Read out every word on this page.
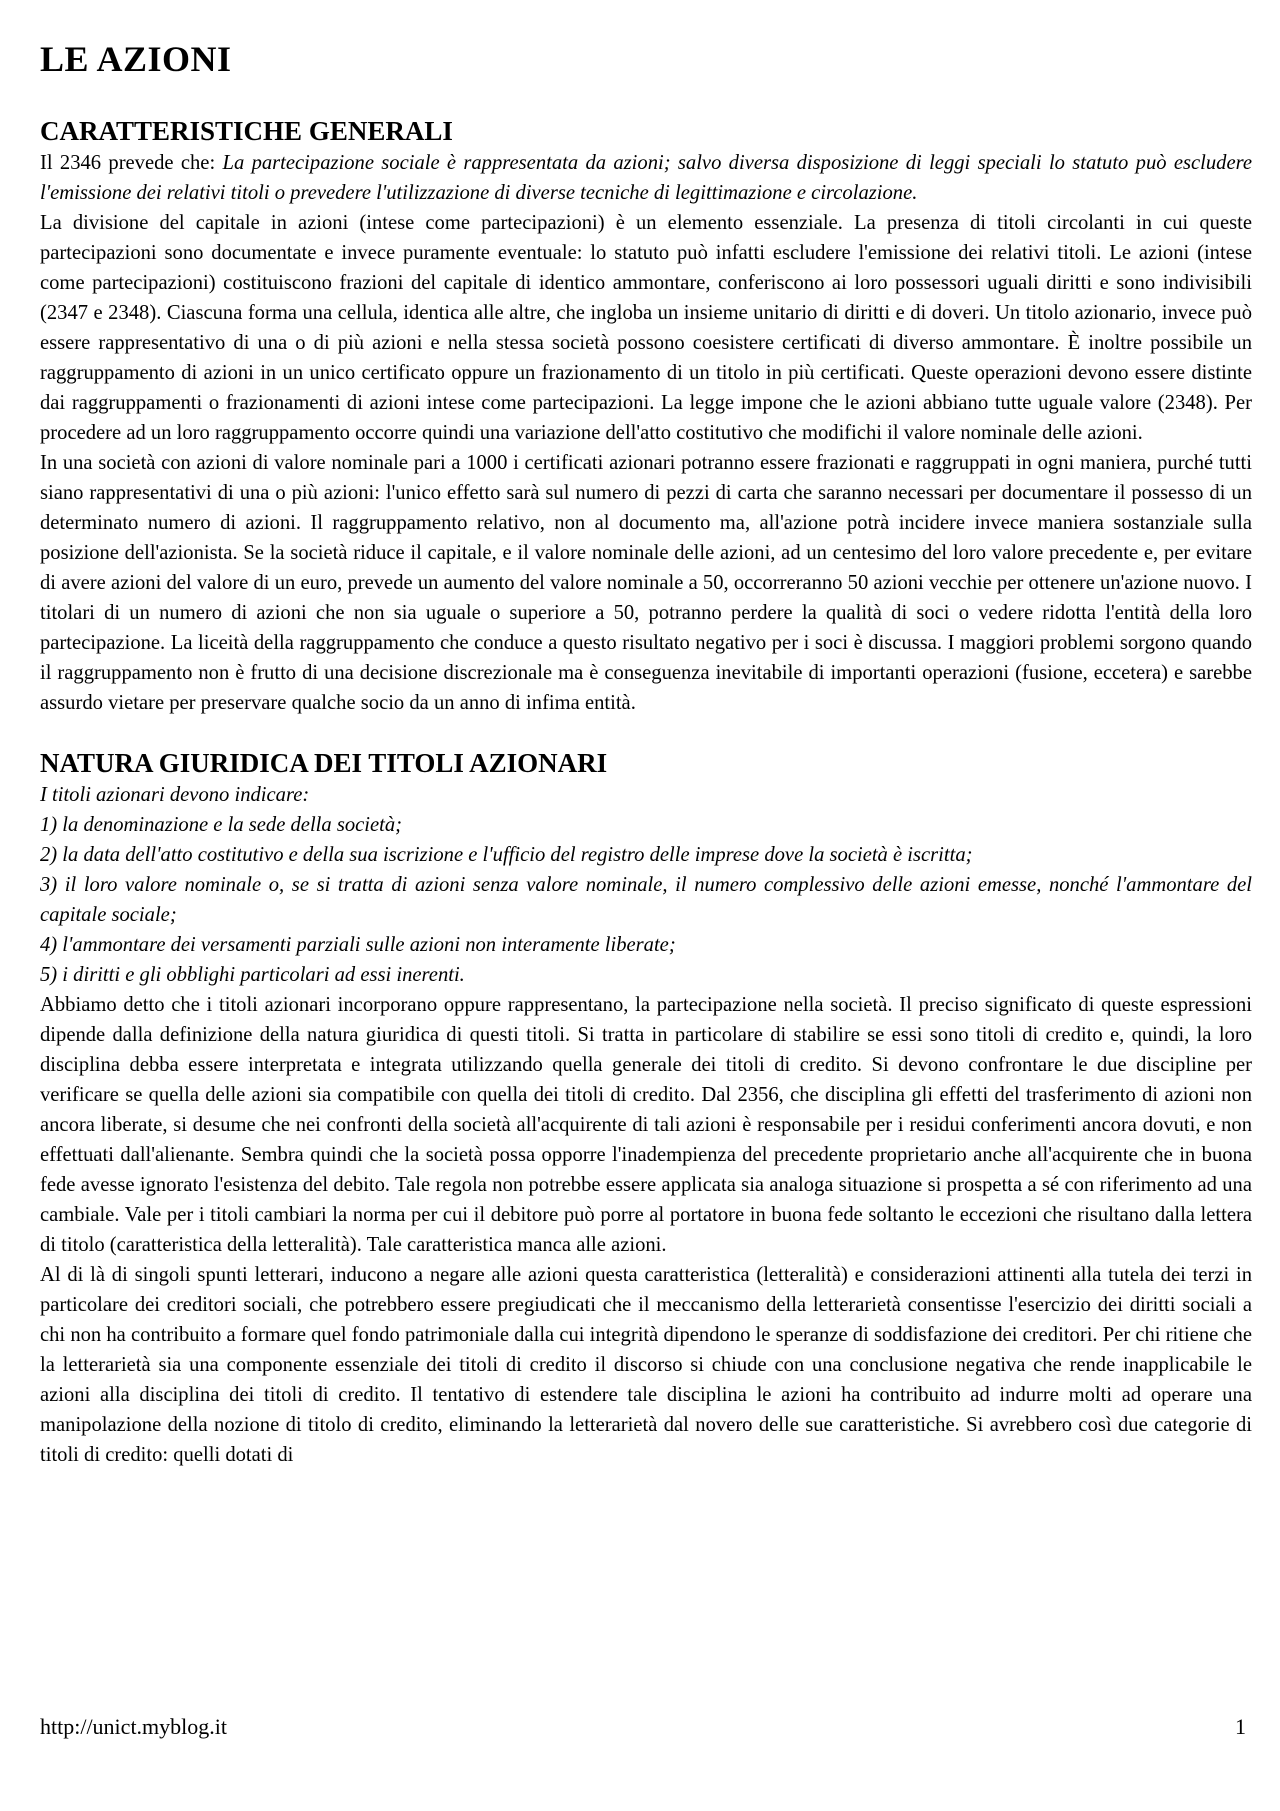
LE AZIONI
CARATTERISTICHE GENERALI

Il 2346 prevede che: La partecipazione sociale è rappresentata da azioni; salvo diversa disposizione di leggi speciali lo statuto può escludere l'emissione dei relativi titoli o prevedere l'utilizzazione di diverse tecniche di legittimazione e circolazione.

La divisione del capitale in azioni (intese come partecipazioni) è un elemento essenziale. La presenza di titoli circolanti in cui queste partecipazioni sono documentate e invece puramente eventuale: lo statuto può infatti escludere l'emissione dei relativi titoli. Le azioni (intese come partecipazioni) costituiscono frazioni del capitale di identico ammontare, conferiscono ai loro possessori uguali diritti e sono indivisibili (2347 e 2348). Ciascuna forma una cellula, identica alle altre, che ingloba un insieme unitario di diritti e di doveri. Un titolo azionario, invece può essere rappresentativo di una o di più azioni e nella stessa società possono coesistere certificati di diverso ammontare. È inoltre possibile un raggruppamento di azioni in un unico certificato oppure un frazionamento di un titolo in più certificati. Queste operazioni devono essere distinte dai raggruppamenti o frazionamenti di azioni intese come partecipazioni. La legge impone che le azioni abbiano tutte uguale valore (2348). Per procedere ad un loro raggruppamento occorre quindi una variazione dell'atto costitutivo che modifichi il valore nominale delle azioni.

In una società con azioni di valore nominale pari a 1000 i certificati azionari potranno essere frazionati e raggruppati in ogni maniera, purché tutti siano rappresentativi di una o più azioni: l'unico effetto sarà sul numero di pezzi di carta che saranno necessari per documentare il possesso di un determinato numero di azioni. Il raggruppamento relativo, non al documento ma, all'azione potrà incidere invece maniera sostanziale sulla posizione dell'azionista. Se la società riduce il capitale, e il valore nominale delle azioni, ad un centesimo del loro valore precedente e, per evitare di avere azioni del valore di un euro, prevede un aumento del valore nominale a 50, occorreranno 50 azioni vecchie per ottenere un'azione nuovo. I titolari di un numero di azioni che non sia uguale o superiore a 50, potranno perdere la qualità di soci o vedere ridotta l'entità della loro partecipazione. La liceità della raggruppamento che conduce a questo risultato negativo per i soci è discussa. I maggiori problemi sorgono quando il raggruppamento non è frutto di una decisione discrezionale ma è conseguenza inevitabile di importanti operazioni (fusione, eccetera) e sarebbe assurdo vietare per preservare qualche socio da un anno di infima entità.

NATURA GIURIDICA DEI TITOLI AZIONARI

I titoli azionari devono indicare:

1) la denominazione e la sede della società;

2) la data dell'atto costitutivo e della sua iscrizione e l'ufficio del registro delle imprese dove la società è iscritta;

3) il loro valore nominale o, se si tratta di azioni senza valore nominale, il numero complessivo delle azioni emesse, nonché l'ammontare del capitale sociale;

4) l'ammontare dei versamenti parziali sulle azioni non interamente liberate;

5) i diritti e gli obblighi particolari ad essi inerenti.

Abbiamo detto che i titoli azionari incorporano oppure rappresentano, la partecipazione nella società. Il preciso significato di queste espressioni dipende dalla definizione della natura giuridica di questi titoli. Si tratta in particolare di stabilire se essi sono titoli di credito e, quindi, la loro disciplina debba essere interpretata e integrata utilizzando quella generale dei titoli di credito. Si devono confrontare le due discipline per verificare se quella delle azioni sia compatibile con quella dei titoli di credito. Dal 2356, che disciplina gli effetti del trasferimento di azioni non ancora liberate, si desume che nei confronti della società all'acquirente di tali azioni è responsabile per i residui conferimenti ancora dovuti, e non effettuati dall'alienante. Sembra quindi che la società possa opporre l'inadempienza del precedente proprietario anche all'acquirente che in buona fede avesse ignorato l'esistenza del debito. Tale regola non potrebbe essere applicata sia analoga situazione si prospetta a sé con riferimento ad una cambiale. Vale per i titoli cambiari la norma per cui il debitore può porre al portatore in buona fede soltanto le eccezioni che risultano dalla lettera di titolo (caratteristica della letteralità). Tale caratteristica manca alle azioni.

Al di là di singoli spunti letterari, inducono a negare alle azioni questa caratteristica (letteralità) e considerazioni attinenti alla tutela dei terzi in particolare dei creditori sociali, che potrebbero essere pregiudicati che il meccanismo della letterarietà consentisse l'esercizio dei diritti sociali a chi non ha contribuito a formare quel fondo patrimoniale dalla cui integrità dipendono le speranze di soddisfazione dei creditori. Per chi ritiene che la letterarietà sia una componente essenziale dei titoli di credito il discorso si chiude con una conclusione negativa che rende inapplicabile le azioni alla disciplina dei titoli di credito. Il tentativo di estendere tale disciplina le azioni ha contribuito ad indurre molti ad operare una manipolazione della nozione di titolo di credito, eliminando la letterarietà dal novero delle sue caratteristiche. Si avrebbero così due categorie di titoli di credito: quelli dotati di

http://unict.myblog.it	1
